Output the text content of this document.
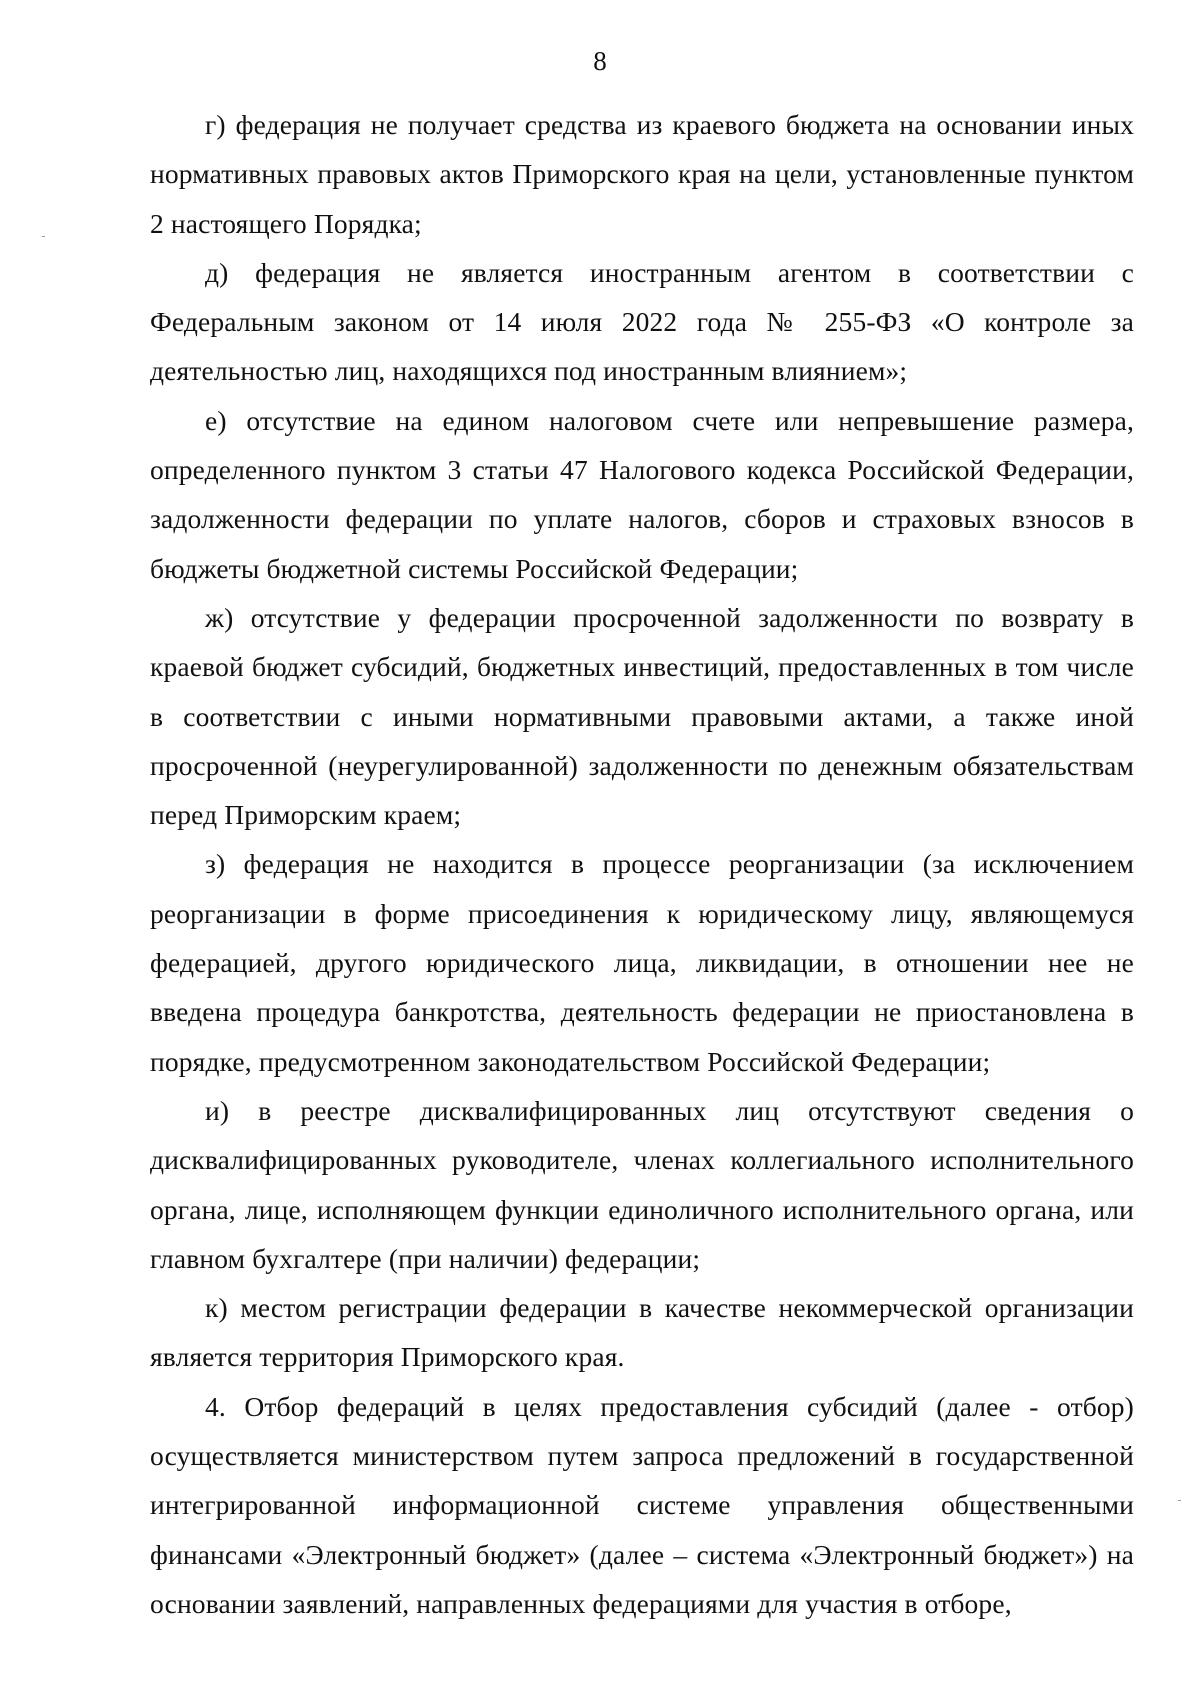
8

г) федерация не получает средства из краевого бюджета на основании иных нормативных правовых актов Приморского края на цели, установленные пунктом 2 настоящего Порядка;

д) федерация не является иностранным агентом в соответствии с Федеральным законом от 14 июля 2022 года № 255-ФЗ «О контроле за деятельностью лиц, находящихся под иностранным влиянием»;

е) отсутствие на едином налоговом счете или непревышение размера, определенного пунктом 3 статьи 47 Налогового кодекса Российской Федерации, задолженности федерации по уплате налогов, сборов и страховых взносов в бюджеты бюджетной системы Российской Федерации;

ж) отсутствие у федерации просроченной задолженности по возврату в краевой бюджет субсидий, бюджетных инвестиций, предоставленных в том числе в соответствии с иными нормативными правовыми актами, а также иной просроченной (неурегулированной) задолженности по денежным обязательствам перед Приморским краем;

з) федерация не находится в процессе реорганизации (за исключением реорганизации в форме присоединения к юридическому лицу, являющемуся федерацией, другого юридического лица, ликвидации, в отношении нее не введена процедура банкротства, деятельность федерации не приостановлена в порядке, предусмотренном законодательством Российской Федерации;

и) в реестре дисквалифицированных лиц отсутствуют сведения о дисквалифицированных руководителе, членах коллегиального исполнительного органа, лице, исполняющем функции единоличного исполнительного органа, или главном бухгалтере (при наличии) федерации;

к) местом регистрации федерации в качестве некоммерческой организации является территория Приморского края.

4. Отбор федераций в целях предоставления субсидий (далее - отбор) осуществляется министерством путем запроса предложений в государственной интегрированной информационной системе управления общественными финансами «Электронный бюджет» (далее – система «Электронный бюджет») на основании заявлений, направленных федерациями для участия в отборе,
